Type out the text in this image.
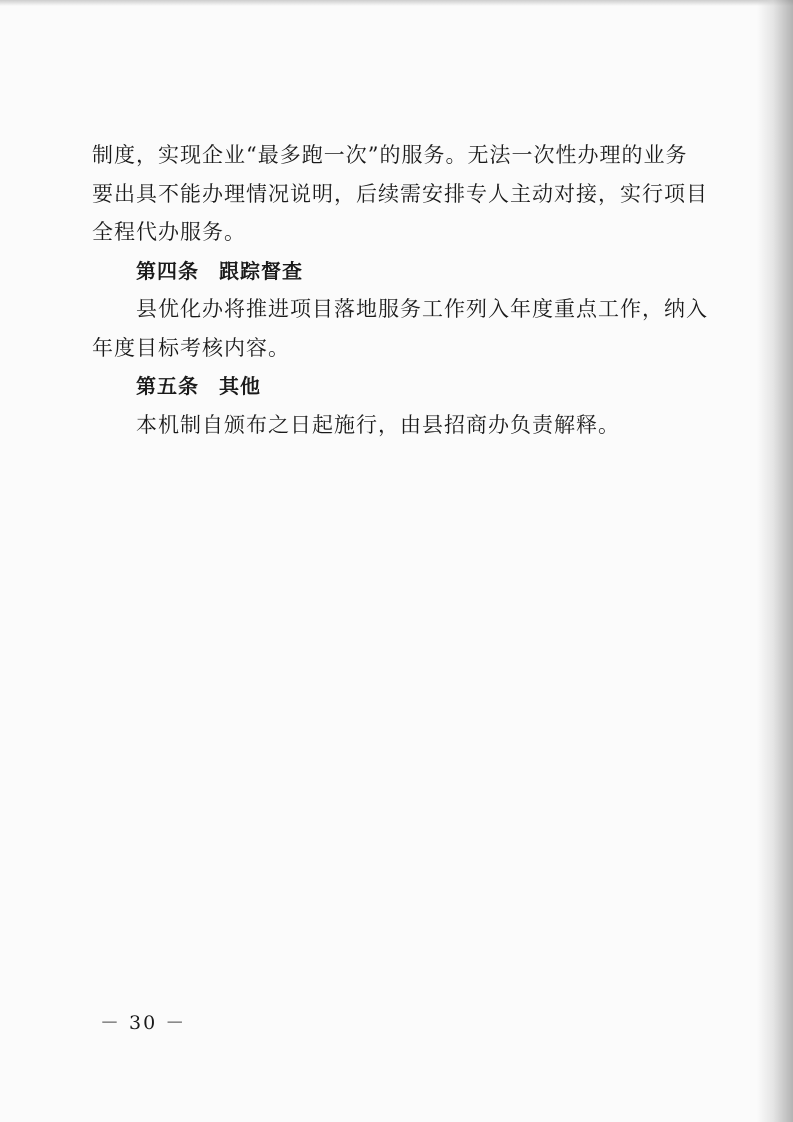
制度，实现企业“最多跑一次”的服务。无法一次性办理的业务
要出具不能办理情况说明，后续需安排专人主动对接，实行项目
全程代办服务。
第四条 跟踪督查
县优化办将推进项目落地服务工作列入年度重点工作，纳入
年度目标考核内容。
第五条 其他
本机制自颁布之日起施行，由县招商办负责解释。
－ 30 －
